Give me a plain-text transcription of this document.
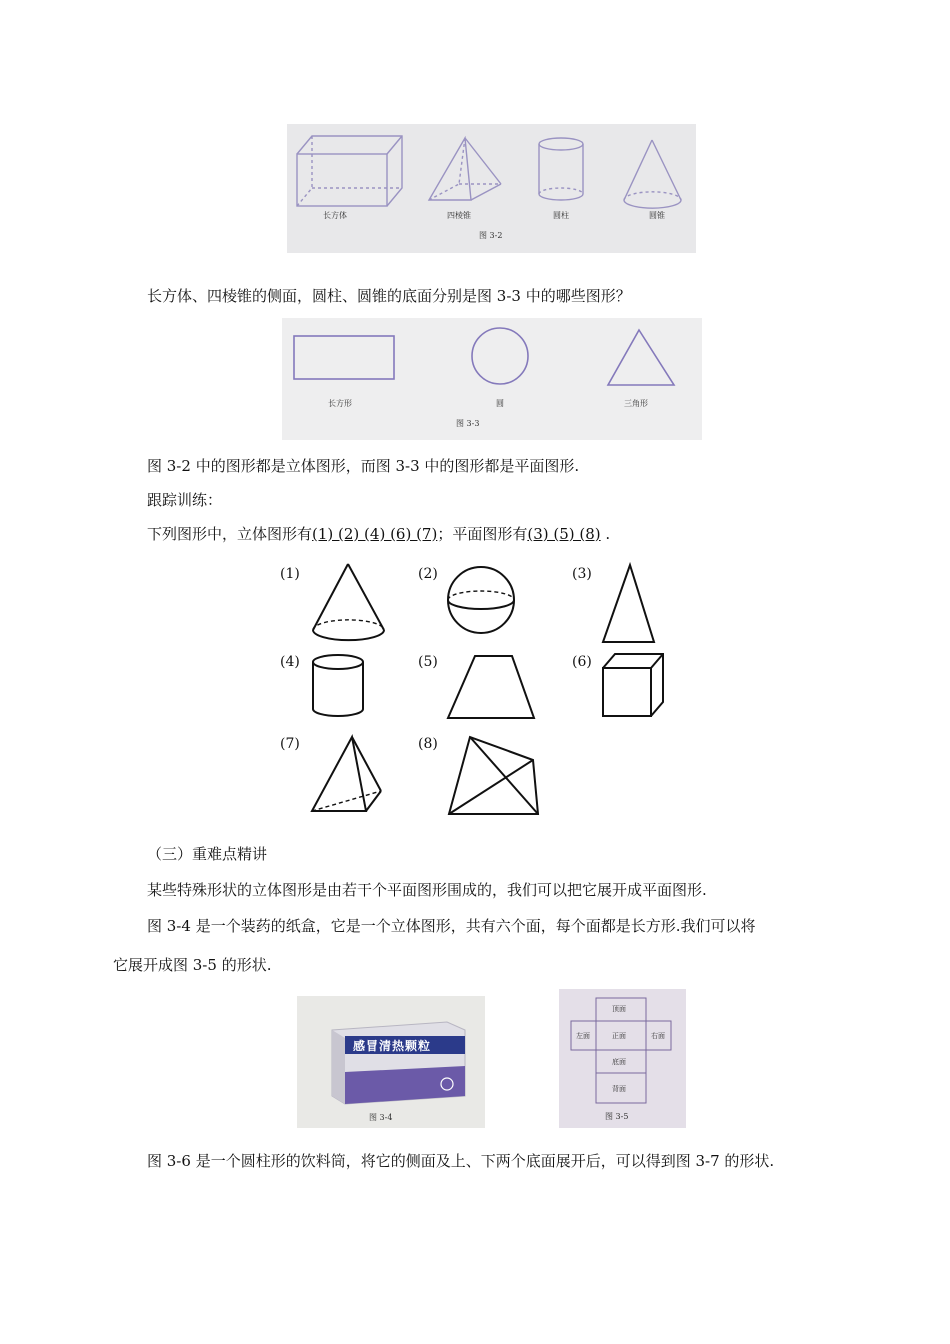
长方体	四棱锥	圆柱	圆锥
图 3-2
长方体、四棱锥的侧面，圆柱、圆锥的底面分别是图 3-3 中的哪些图形？
长方形	圆	三角形
图 3-3
图 3-2 中的图形都是立体图形，而图 3-3 中的图形都是平面图形.
跟踪训练：
下列图形中，立体图形有(1) (2) (4) (6) (7)；平面图形有(3) (5) (8) .
(1)	(2)	(3)
(4)	(5)	(6)
(7)	(8)
（三）重难点精讲
某些特殊形状的立体图形是由若干个平面图形围成的，我们可以把它展开成平面图形.
图 3-4 是一个装药的纸盒，它是一个立体图形，共有六个面，每个面都是长方形.我们可以将
它展开成图 3-5 的形状.
感冒清热颗粒
图 3-4
顶面
左面	正面	右面
底面
背面
图 3-5
图 3-6 是一个圆柱形的饮料筒，将它的侧面及上、下两个底面展开后，可以得到图 3-7 的形状.
